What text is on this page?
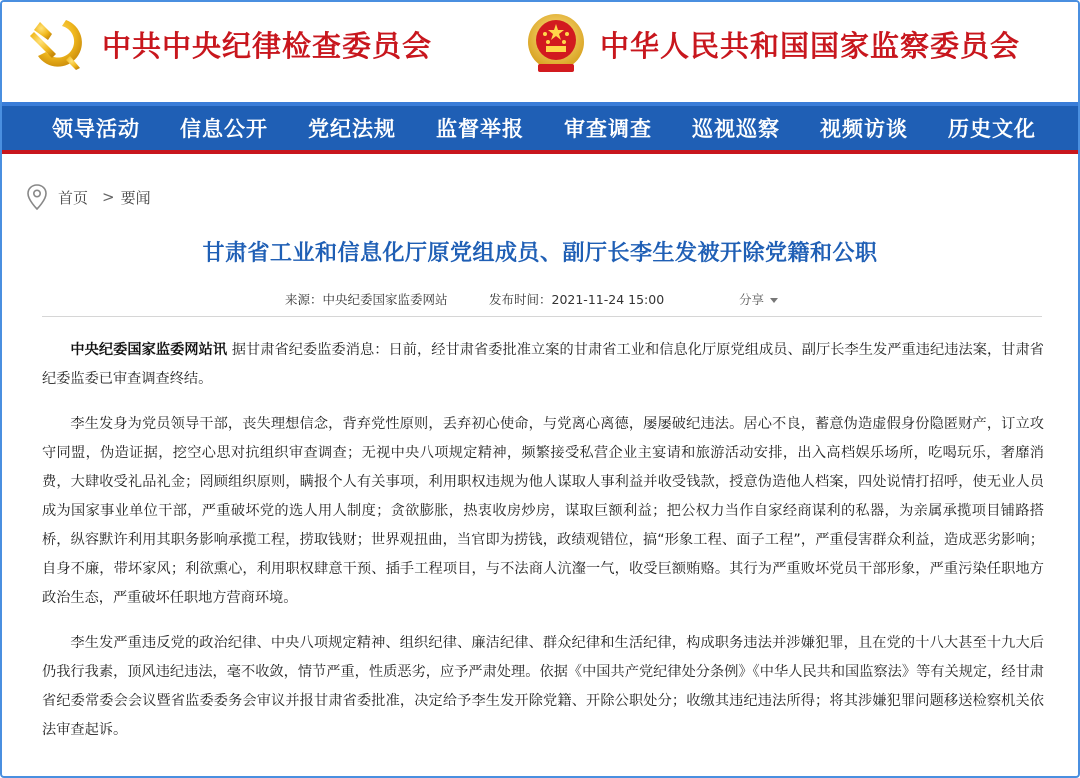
中共中央纪律检查委员会	中华人民共和国国家监察委员会
领导活动	信息公开	党纪法规	监督举报	审查调查	巡视巡察	视频访谈	历史文化
首页 > 要闻
甘肃省工业和信息化厅原党组成员、副厅长李生发被开除党籍和公职
来源：中央纪委国家监委网站	发布时间：2021-11-24 15:00	分享

中央纪委国家监委网站讯 据甘肃省纪委监委消息：日前，经甘肃省委批准立案的甘肃省工业和信息化厅原党组成员、副厅长李生发严重违纪违法案，甘肃省纪委监委已审查调查终结。

李生发身为党员领导干部，丧失理想信念，背弃党性原则，丢弃初心使命，与党离心离德，屡屡破纪违法。居心不良，蓄意伪造虚假身份隐匿财产，订立攻守同盟，伪造证据，挖空心思对抗组织审查调查；无视中央八项规定精神，频繁接受私营企业主宴请和旅游活动安排，出入高档娱乐场所，吃喝玩乐，奢靡消费，大肆收受礼品礼金；罔顾组织原则，瞒报个人有关事项，利用职权违规为他人谋取人事利益并收受钱款，授意伪造他人档案，四处说情打招呼，使无业人员成为国家事业单位干部，严重破坏党的选人用人制度；贪欲膨胀，热衷收房炒房，谋取巨额利益；把公权力当作自家经商谋利的私器，为亲属承揽项目铺路搭桥，纵容默许利用其职务影响承揽工程，捞取钱财；世界观扭曲，当官即为捞钱，政绩观错位，搞“形象工程、面子工程”，严重侵害群众利益，造成恶劣影响；自身不廉，带坏家风；利欲熏心，利用职权肆意干预、插手工程项目，与不法商人沆瀣一气，收受巨额贿赂。其行为严重败坏党员干部形象，严重污染任职地方政治生态，严重破坏任职地方营商环境。

李生发严重违反党的政治纪律、中央八项规定精神、组织纪律、廉洁纪律、群众纪律和生活纪律，构成职务违法并涉嫌犯罪，且在党的十八大甚至十九大后仍我行我素，顶风违纪违法，毫不收敛，情节严重，性质恶劣，应予严肃处理。依据《中国共产党纪律处分条例》《中华人民共和国监察法》等有关规定，经甘肃省纪委常委会会议暨省监委委务会审议并报甘肃省委批准，决定给予李生发开除党籍、开除公职处分；收缴其违纪违法所得；将其涉嫌犯罪问题移送检察机关依法审查起诉。
